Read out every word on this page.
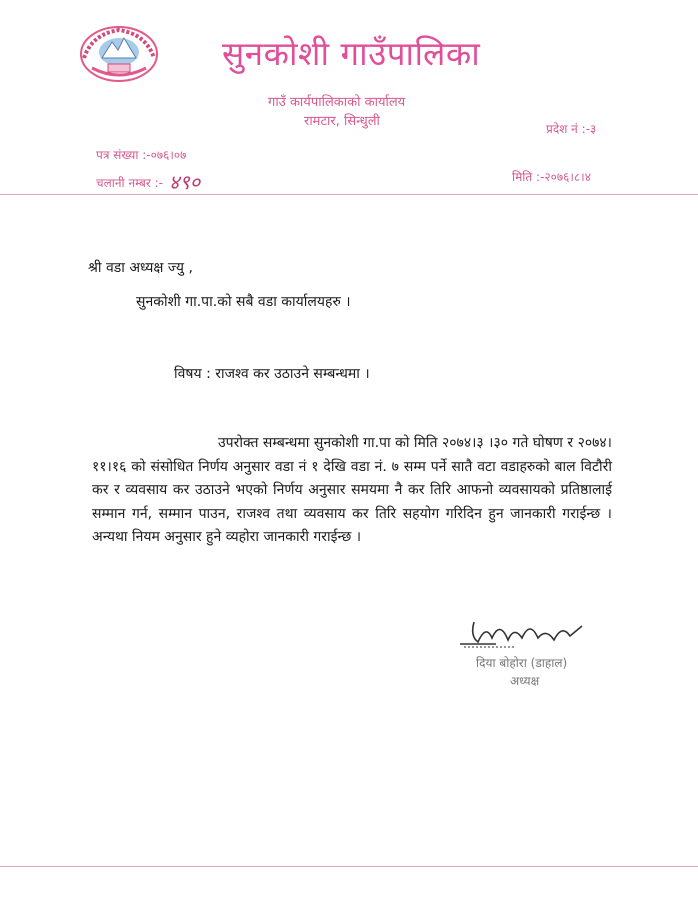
सुनकोशी गाउँपालिका
गाउँ कार्यपालिकाको कार्यालय
रामटार, सिन्धुली	प्रदेश नं :-३
पत्र संख्या :-०७६।०७
चलानी नम्बर :- ४९०	मिति :-२०७६।८।४
श्री वडा अध्यक्ष ज्यु ,
सुनकोशी गा.पा.को सबै वडा कार्यालयहरु ।
विषय : राजश्व कर उठाउने सम्बन्धमा ।
उपरोक्त सम्बन्धमा सुनकोशी गा.पा को मिति २०७४।३ ।३० गते घोषण र २०७४।११।१६ को संसोधित निर्णय अनुसार वडा नं १ देखि वडा नं. ७ सम्म पर्ने सातै वटा वडाहरुको बाल विटौरी कर र व्यवसाय कर उठाउने भएको निर्णय अनुसार समयमा नै कर तिरि आफनो व्यवसायको प्रतिष्ठालाई सम्मान गर्न, सम्मान पाउन, राजश्व तथा व्यवसाय कर तिरि सहयोग गरिदिन हुन जानकारी गराईन्छ ।अन्यथा नियम अनुसार हुने व्यहोरा जानकारी गराईन्छ ।
दिया बोहोरा (डाहाल)
अध्यक्ष
